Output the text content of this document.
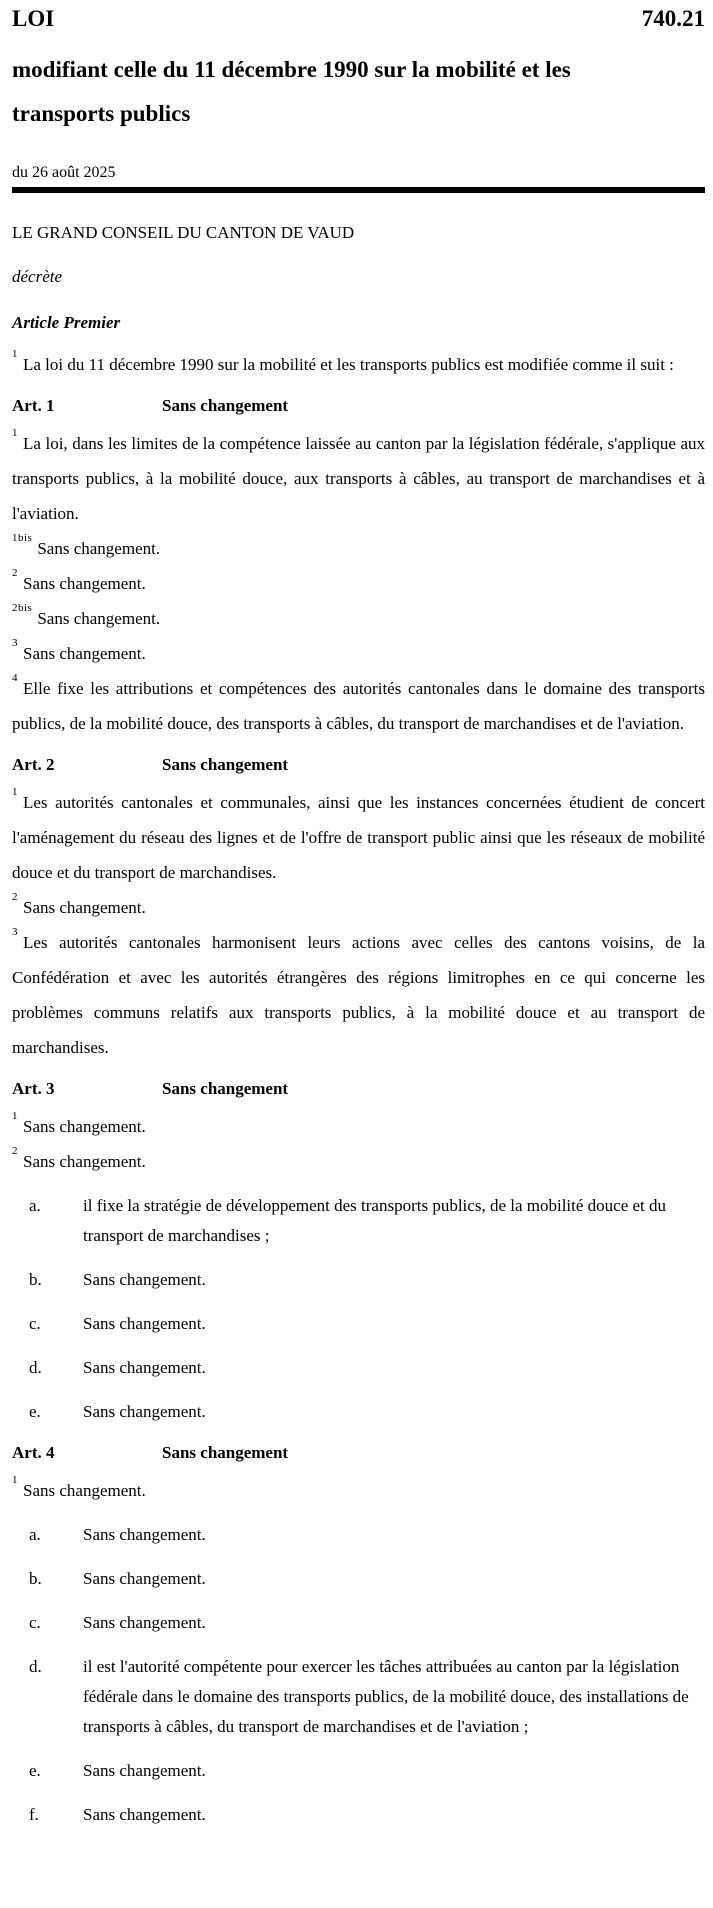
LOI	740.21
modifiant celle du 11 décembre 1990 sur la mobilité et les transports publics

du 26 août 2025

LE GRAND CONSEIL DU CANTON DE VAUD

décrète

Article Premier

$^1$La loi du 11 décembre 1990 sur la mobilité et les transports publics est modifiée comme il suit :

Art. 1	Sans changement

$^1$La loi, dans les limites de la compétence laissée au canton par la législation fédérale, s'applique aux transports publics, à la mobilité douce, aux transports à câbles, au transport de marchandises et à l'aviation.

$^{1bis}$Sans changement.

$^2$Sans changement.

$^{2bis}$Sans changement.

$^3$Sans changement.

$^4$Elle fixe les attributions et compétences des autorités cantonales dans le domaine des transports publics, de la mobilité douce, des transports à câbles, du transport de marchandises et de l'aviation.

Art. 2	Sans changement

$^1$Les autorités cantonales et communales, ainsi que les instances concernées étudient de concert l'aménagement du réseau des lignes et de l'offre de transport public ainsi que les réseaux de mobilité douce et du transport de marchandises.

$^2$Sans changement.

$^3$Les autorités cantonales harmonisent leurs actions avec celles des cantons voisins, de la Confédération et avec les autorités étrangères des régions limitrophes en ce qui concerne les problèmes communs relatifs aux transports publics, à la mobilité douce et au transport de marchandises.

Art. 3	Sans changement

$^1$Sans changement.

$^2$Sans changement.

a. il fixe la stratégie de développement des transports publics, de la mobilité douce et du transport de marchandises ;
b. Sans changement.
c. Sans changement.
d. Sans changement.
e. Sans changement.
Art. 4	Sans changement

$^1$Sans changement.

a. Sans changement.
b. Sans changement.
c. Sans changement.
d. il est l'autorité compétente pour exercer les tâches attribuées au canton par la législation fédérale dans le domaine des transports publics, de la mobilité douce, des installations de transports à câbles, du transport de marchandises et de l'aviation ;
e. Sans changement.
f.	Sans changement.
